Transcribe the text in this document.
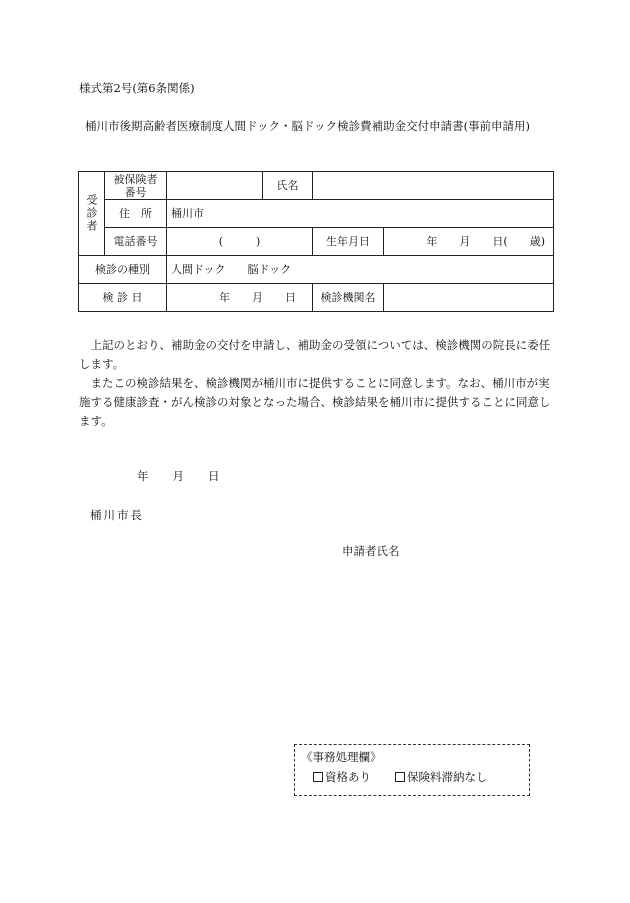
様式第2号(第6条関係)
桶川市後期高齢者医療制度人間ドック・脳ドック検診費補助金交付申請書(事前申請用)
受診者	被保険者番号		氏名		
	住　所	桶川市			
	電話番号	(　　　)		生年月日	年　　月　　日(　　歳)
検診の種別		人間ドック　　脳ドック			
検 診 日		年　　月　　日		検診機関名	

上記のとおり、補助金の交付を申請し、補助金の受領については、検診機関の院長に委任します。

またこの検診結果を、検診機関が桶川市に提供することに同意します。なお、桶川市が実施する健康診査・がん検診の対象となった場合、検診結果を桶川市に提供することに同意します。

年 月 日
桶川市長
申請者氏名
《事務処理欄》
資格あり	保険料滞納なし
